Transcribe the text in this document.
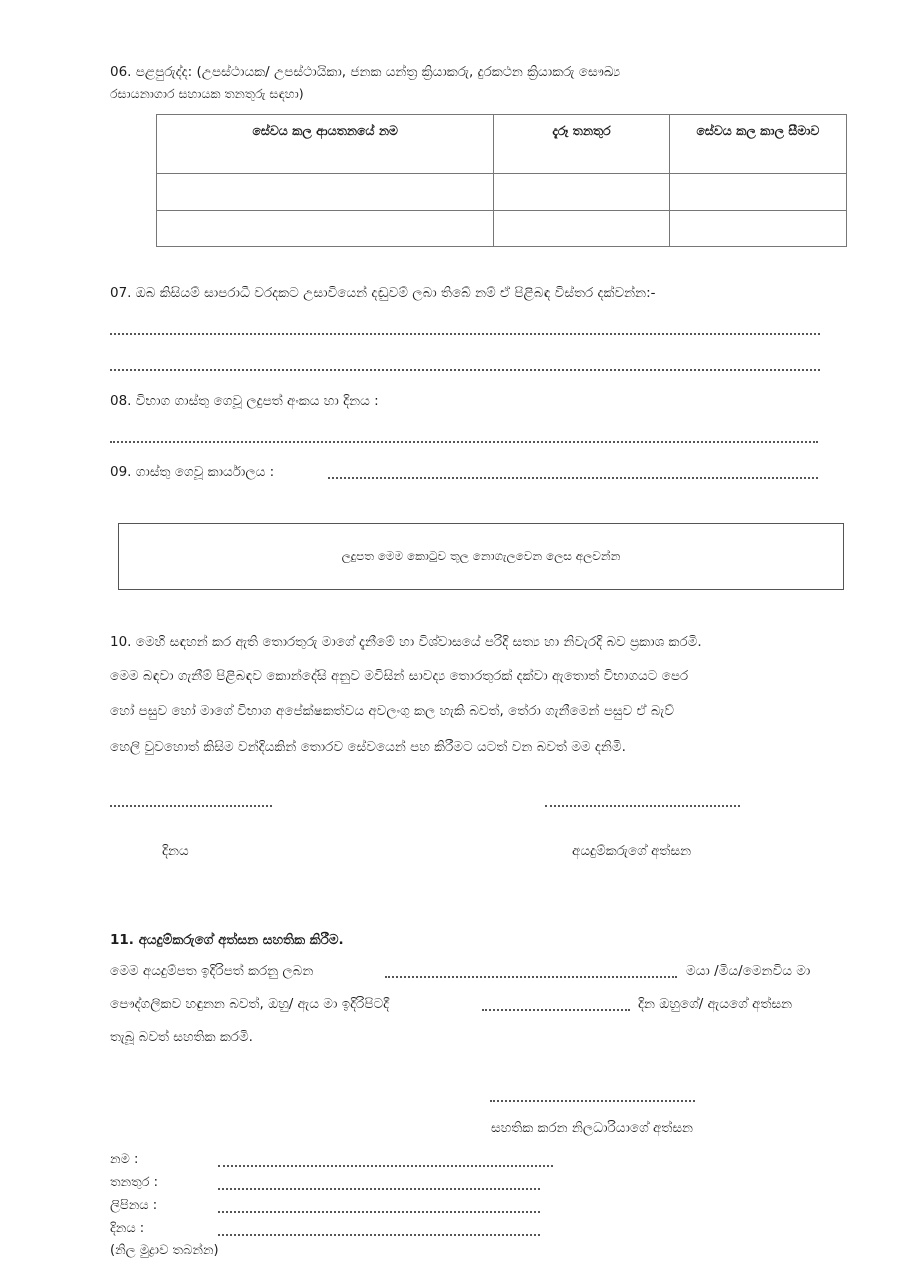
06. පළපුරුද්ද: (උපස්ථායක/ උපස්ථායිකා, ජනක යන්ත්‍ර ක්‍රියාකරු, දුරකථන ක්‍රියාකරු සෞඛ්‍ය
රසායනාගාර සහායක තනතුරු සඳහා)
සේවය කල ආයතනයේ නම	දැරූ තනතුර	සේවය කල කාල සීමාව

07. ඔබ කිසියම් සාපරාධී වරදකට උසාවියෙන් දඬුවම් ලබා තිබේ නම් ඒ පිළිබඳ විස්තර දක්වන්න:-
08. විභාග ගාස්තු ගෙවූ ලදුපත් අංකය හා දිනය :
09. ගාස්තු ගෙවූ කාර්යාලය :
ලදුපත මෙම කොටුව තුල නොගැලවෙන ලෙස අලවන්න

10. මෙහි සඳහන් කර ඇති තොරතුරු මාගේ දැනීමේ හා විශ්වාසයේ පරිදි සත්‍ය හා නිවැරදි බව ප්‍රකාශ කරමි.

මෙම බඳවා ගැනීම් පිළිබඳව කොන්දේසි අනුව මවිසින් සාවද්‍ය තොරතුරක් දක්වා ඇතොත් විභාගයට පෙර

හෝ පසුව හෝ මාගේ විභාග අපේක්ෂකත්වය අවලංගු කල හැකි බවත්, තේරා ගැනීමෙන් පසුව ඒ බැව්

හෙලි වුවහොත් කිසිම වන්දියකින් තොරව සේවයෙන් පහ කිරීමට යටත් වන බවත් මම දනිමි.

දිනය	අයදුම්කරුගේ අත්සන
11. අයදුම්කරුගේ අත්සන සහතික කිරීම.
මෙම අයදුම්පත ඉදිරිපත් කරනු ලබන	මයා /මිය/මෙනවිය මා
පෞද්ගලිකව හඳුනන බවත්, ඔහු/ ඇය මා ඉදිරිපිටදී	දින ඔහුගේ/ ඇයගේ අත්සන
තැබූ බවත් සහතික කරමි.
සහතික කරන නිලධාරියාගේ අත්සන
නම :
තනතුර :
ලිපිනය :
දිනය :
(නිල මුද්‍රාව තබන්න)
